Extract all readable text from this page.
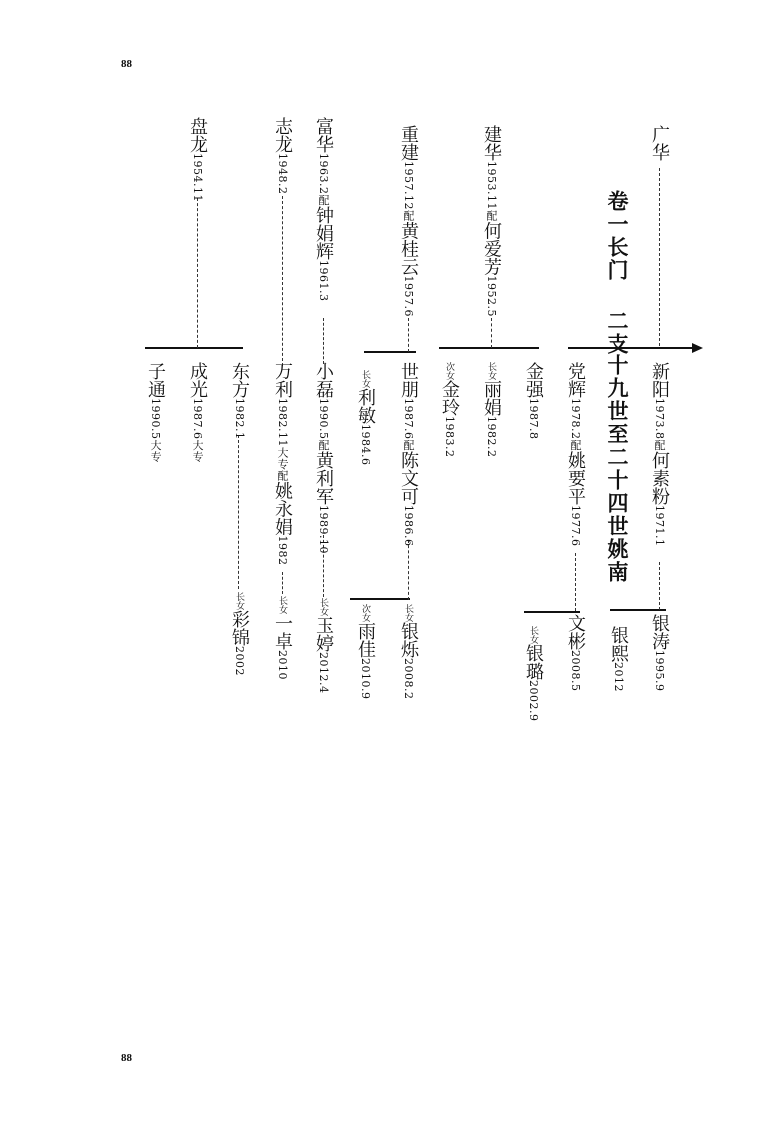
88
88
卷一长门二支
十九世至二十四世姚南
广华
建华1953.11配何爱芳1952.5
重建1957.12配黄桂云1957.6
富华1963.2配钟娟辉1961.3
志龙1948.2
盘龙1954.11
新阳1973.8配何素粉1971.1
党辉1978.2配姚要平1977.6
金强1987.8
长女丽娟1982.2
次女金玲1983.2
世朋1987.6配陈文可1986.6
长女利敏1984.6
小磊1990.5配黄利军1989.10
万利1982.11大专配姚永娟1982
东方1982.1
成光1987.6大专
子通1990.5大专
银涛1995.9
银熙2012
文彬2008.5
长女银璐2002.9
长女银烁2008.2
次女雨佳2010.9
长女玉婷2012.4
长女一卓2010
长女彩锦2002
